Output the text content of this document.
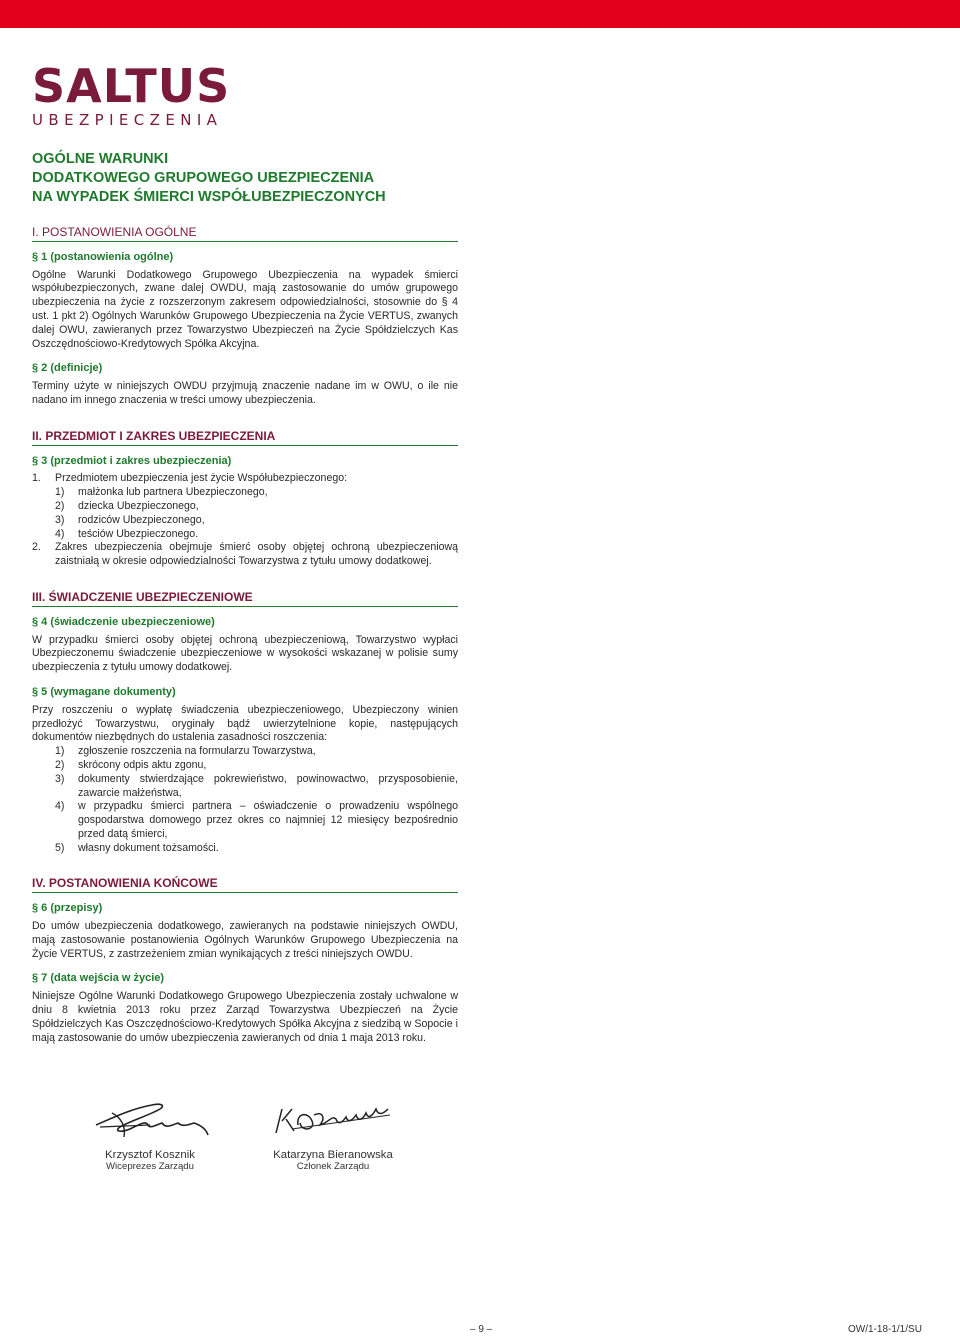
SALTUS
UBEZPIECZENIA
OGÓLNE WARUNKI
DODATKOWEGO GRUPOWEGO UBEZPIECZENIA
NA WYPADEK ŚMIERCI WSPÓŁUBEZPIECZONYCH
I. POSTANOWIENIA OGÓLNE
§ 1 (postanowienia ogólne)

Ogólne Warunki Dodatkowego Grupowego Ubezpieczenia na wypadek śmierci współubezpieczonych, zwane dalej OWDU, mają zastosowanie do umów grupowego ubezpieczenia na życie z rozszerzonym zakresem odpowiedzialności, stosownie do § 4 ust. 1 pkt 2) Ogólnych Warunków Grupowego Ubezpieczenia na Życie VERTUS, zwanych dalej OWU, zawieranych przez Towarzystwo Ubezpieczeń na Życie Spółdzielczych Kas Oszczędnościowo-Kredytowych Spółka Akcyjna.

§ 2 (definicje)

Terminy użyte w niniejszych OWDU przyjmują znaczenie nadane im w OWU, o ile nie nadano im innego znaczenia w treści umowy ubezpieczenia.

II. PRZEDMIOT I ZAKRES UBEZPIECZENIA
§ 3 (przedmiot i zakres ubezpieczenia)
1.	Przedmiotem ubezpieczenia jest życie Współubezpieczonego:
1)	małżonka lub partnera Ubezpieczonego,
2)	dziecka Ubezpieczonego,
3)	rodziców Ubezpieczonego,
4)	teściów Ubezpieczonego.
2.	Zakres ubezpieczenia obejmuje śmierć osoby objętej ochroną ubezpieczeniową zaistniałą w okresie odpowiedzialności Towarzystwa z tytułu umowy dodatkowej.
III. ŚWIADCZENIE UBEZPIECZENIOWE
§ 4 (świadczenie ubezpieczeniowe)

W przypadku śmierci osoby objętej ochroną ubezpieczeniową, Towarzystwo wypłaci Ubezpieczonemu świadczenie ubezpieczeniowe w wysokości wskazanej w polisie sumy ubezpieczenia z tytułu umowy dodatkowej.

§ 5 (wymagane dokumenty)

Przy roszczeniu o wypłatę świadczenia ubezpieczeniowego, Ubezpieczony winien przedłożyć Towarzystwu, oryginały bądź uwierzytelnione kopie, następujących dokumentów niezbędnych do ustalenia zasadności roszczenia:

1)	zgłoszenie roszczenia na formularzu Towarzystwa,
2)	skrócony odpis aktu zgonu,
3)	dokumenty stwierdzające pokrewieństwo, powinowactwo, przysposobienie, zawarcie małżeństwa,
4)	w przypadku śmierci partnera – oświadczenie o prowadzeniu wspólnego gospodarstwa domowego przez okres co najmniej 12 miesięcy bezpośrednio przed datą śmierci,
5)	własny dokument tożsamości.
IV. POSTANOWIENIA KOŃCOWE
§ 6 (przepisy)

Do umów ubezpieczenia dodatkowego, zawieranych na podstawie niniejszych OWDU, mają zastosowanie postanowienia Ogólnych Warunków Grupowego Ubezpieczenia na Życie VERTUS, z zastrzeżeniem zmian wynikających z treści niniejszych OWDU.

§ 7 (data wejścia w życie)

Niniejsze Ogólne Warunki Dodatkowego Grupowego Ubezpieczenia zostały uchwalone w dniu 8 kwietnia 2013 roku przez Zarząd Towarzystwa Ubezpieczeń na Życie Spółdzielczych Kas Oszczędnościowo-Kredytowych Spółka Akcyjna z siedzibą w Sopocie i mają zastosowanie do umów ubezpieczenia zawieranych od dnia 1 maja 2013 roku.

Krzysztof Kosznik
Wiceprezes Zarządu
Katarzyna Bieranowska
Członek Zarządu
– 9 –	OW/1-18-1/1/SU
